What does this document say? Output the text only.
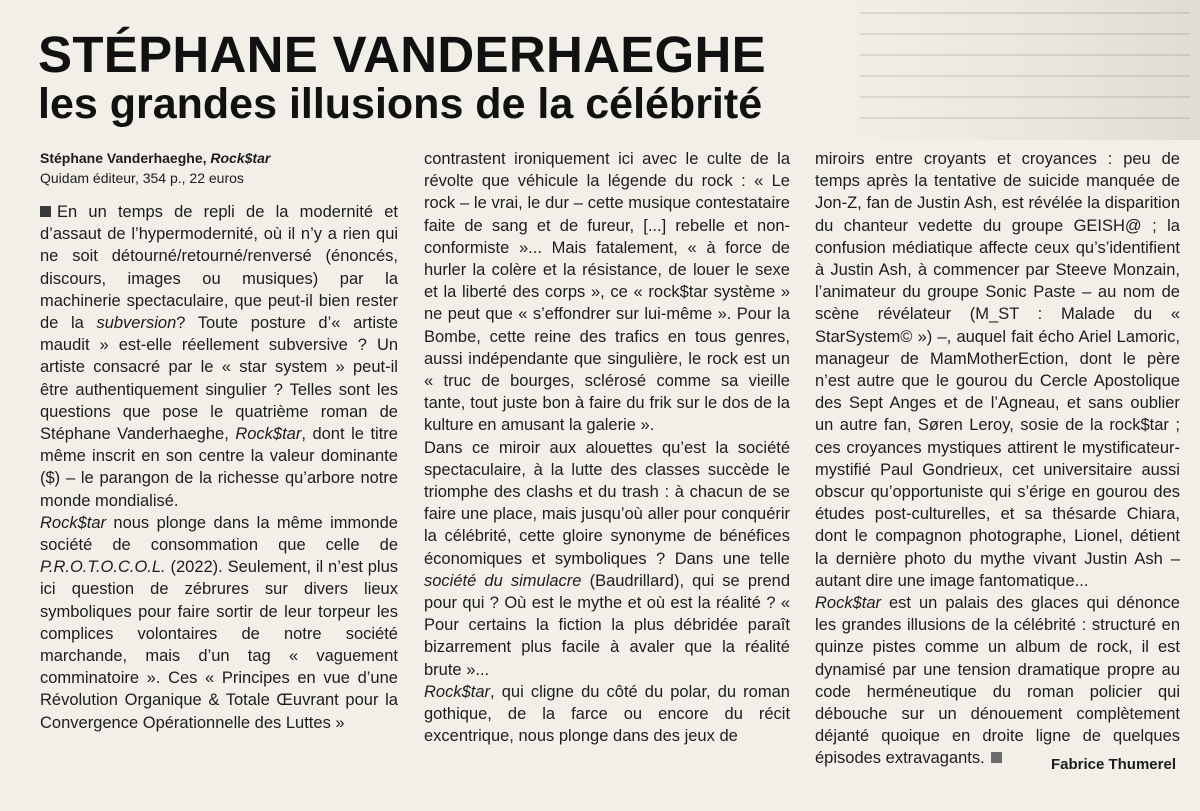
STÉPHANE VANDERHAEGHE
les grandes illusions de la célébrité
Stéphane Vanderhaeghe, Rock$tar
Quidam éditeur, 354 p., 22 euros

En un temps de repli de la modernité et d’assaut de l’hypermodernité, où il n’y a rien qui ne soit détourné/retourné/renversé (énoncés, discours, images ou musiques) par la machinerie spectaculaire, que peut-il bien rester de la subversion? Toute posture d’« artiste maudit » est-elle réellement subversive ? Un artiste consacré par le « star system » peut-il être authentiquement singulier ? Telles sont les questions que pose le quatrième roman de Stéphane Vanderhaeghe, Rock$tar, dont le titre même inscrit en son centre la valeur dominante ($) – le parangon de la richesse qu’arbore notre monde mondialisé.

Rock$tar nous plonge dans la même immonde société de consommation que celle de P.R.O.T.O.C.O.L. (2022). Seulement, il n’est plus ici question de zébrures sur divers lieux symboliques pour faire sortir de leur torpeur les complices volontaires de notre société marchande, mais d’un tag « vaguement comminatoire ». Ces « Principes en vue d’une Révolution Organique & Totale Œuvrant pour la Convergence Opérationnelle des Luttes »

contrastent ironiquement ici avec le culte de la révolte que véhicule la légende du rock : « Le rock – le vrai, le dur – cette musique contestataire faite de sang et de fureur, [...] rebelle et non-conformiste »... Mais fatalement, « à force de hurler la colère et la résistance, de louer le sexe et la liberté des corps », ce « rock$tar système » ne peut que « s’effondrer sur lui-même ». Pour la Bombe, cette reine des trafics en tous genres, aussi indépendante que singulière, le rock est un « truc de bourges, sclérosé comme sa vieille tante, tout juste bon à faire du frik sur le dos de la kulture en amusant la galerie ».

Dans ce miroir aux alouettes qu’est la société spectaculaire, à la lutte des classes succède le triomphe des clashs et du trash : à chacun de se faire une place, mais jusqu’où aller pour conquérir la célébrité, cette gloire synonyme de bénéfices économiques et symboliques ? Dans une telle société du simulacre (Baudrillard), qui se prend pour qui ? Où est le mythe et où est la réalité ? « Pour certains la fiction la plus débridée paraît bizarrement plus facile à avaler que la réalité brute »...

Rock$tar, qui cligne du côté du polar, du roman gothique, de la farce ou encore du récit excentrique, nous plonge dans des jeux de

miroirs entre croyants et croyances : peu de temps après la tentative de suicide manquée de Jon-Z, fan de Justin Ash, est révélée la disparition du chanteur vedette du groupe GEISH@ ; la confusion médiatique affecte ceux qu’s’identifient à Justin Ash, à commencer par Steeve Monzain, l’animateur du groupe Sonic Paste – au nom de scène révélateur (M_ST : Malade du « StarSystem© ») –, auquel fait écho Ariel Lamoric, manageur de MamMotherEction, dont le père n’est autre que le gourou du Cercle Apostolique des Sept Anges et de l’Agneau, et sans oublier un autre fan, Søren Leroy, sosie de la rock$tar ; ces croyances mystiques attirent le mystificateur-mystifié Paul Gondrieux, cet universitaire aussi obscur qu’opportuniste qui s’érige en gourou des études post-culturelles, et sa thésarde Chiara, dont le compagnon photographe, Lionel, détient la dernière photo du mythe vivant Justin Ash – autant dire une image fantomatique...

Rock$tar est un palais des glaces qui dénonce les grandes illusions de la célébrité : structuré en quinze pistes comme un album de rock, il est dynamisé par une tension dramatique propre au code herméneutique du roman policier qui débouche sur un dénouement complètement déjanté quoique en droite ligne de quelques épisodes extravagants.	Fabrice Thumerel
